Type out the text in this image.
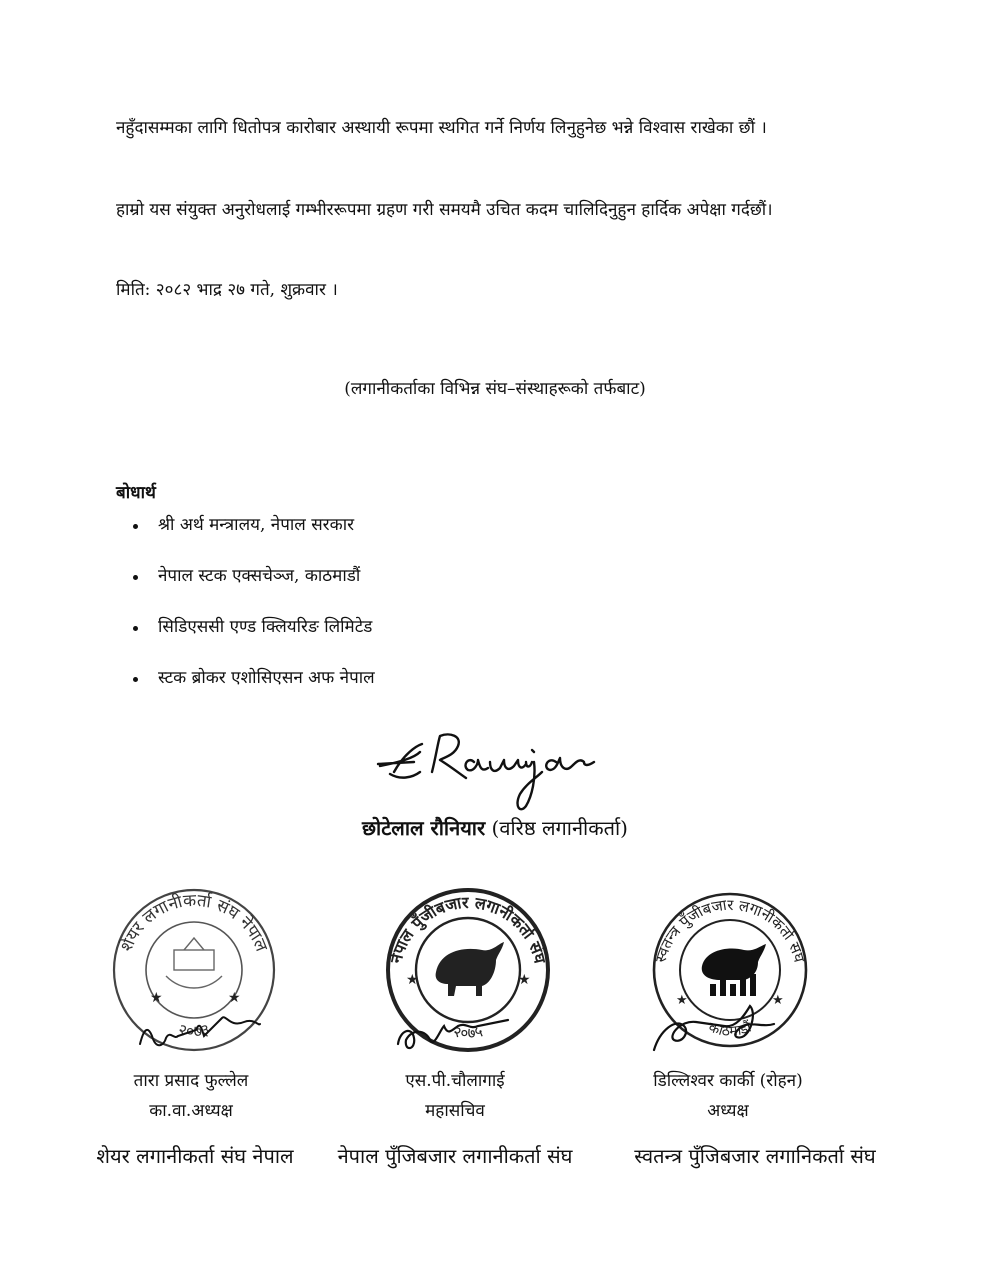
नहुँदासम्मका लागि धितोपत्र कारोबार अस्थायी रूपमा स्थगित गर्ने निर्णय लिनुहुनेछ भन्ने विश्वास राखेका छौं ।

हाम्रो यस संयुक्त अनुरोधलाई गम्भीररूपमा ग्रहण गरी समयमै उचित कदम चालिदिनुहुन हार्दिक अपेक्षा गर्दछौं।

मिति: २०८२ भाद्र २७ गते, शुक्रवार ।

(लगानीकर्ताका विभिन्न संघ–संस्थाहरूको तर्फबाट)

बोधार्थ

श्री अर्थ मन्त्रालय, नेपाल सरकार
नेपाल स्टक एक्सचेञ्ज, काठमाडौं
सिडिएससी एण्ड क्लियरिङ लिमिटेड
स्टक ब्रोकर एशोसिएसन अफ नेपाल

छोटेलाल रौनियार (वरिष्ठ लगानीकर्ता)

शेयर लगानीकर्ता संघ नेपाल
२०७३
★	★
नेपाल पुँजीबजार लगानीकर्ता संघ
२०७५
★	★
स्वतन्त्र पुँजीबजार लगानीकर्ता संघ
काठमाडौं
★	★

तारा प्रसाद फुल्लेल

का.वा.अध्यक्ष

शेयर लगानीकर्ता संघ नेपाल

एस.पी.चौलागाई

महासचिव

नेपाल पुँजिबजार लगानीकर्ता संघ

डिल्लिश्वर कार्की (रोहन)

अध्यक्ष

स्वतन्त्र पुँजिबजार लगानिकर्ता संघ
